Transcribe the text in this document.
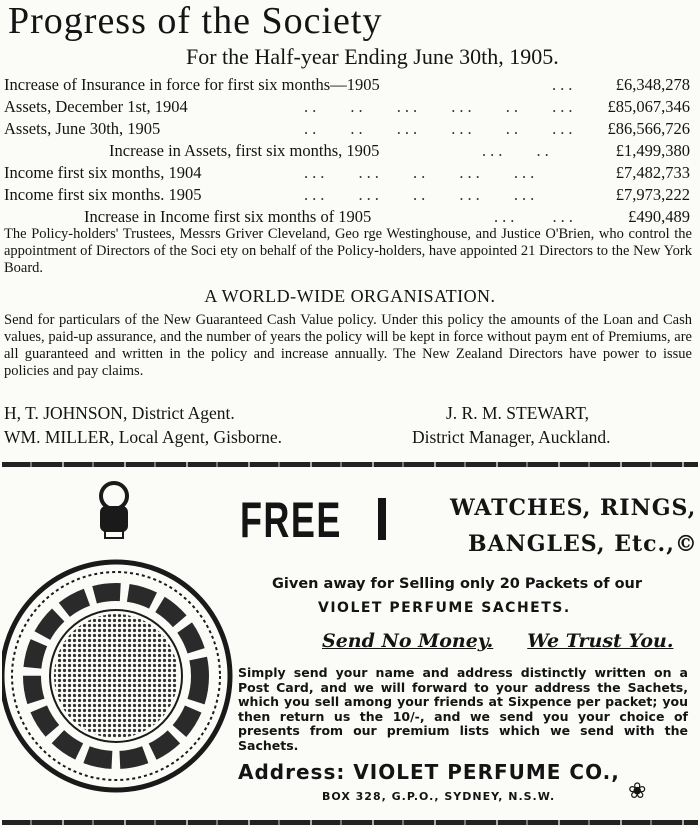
Progress of the Society
For the Half-year Ending June 30th, 1905.
Increase of Insurance in force for first six months—1905	...	£6,348,278
Assets, December 1st, 1904	.. .. ... ... .. ...	£85,067,346
Assets, June 30th, 1905	.. .. ... ... .. ...	£86,566,726
Increase in Assets, first six months, 1905	... ..	£1,499,380
Income first six months, 1904	... ... .. ... ...	£7,482,733
Income first six months. 1905	... ... .. ... ...	£7,973,222
Increase in Income first six months of 1905	... ...	£490,489
The Policy-holders' Trustees, Messrs Griver Cleveland, Geo rge Westinghouse, and Justice O'Brien, who control the appointment of Directors of the Soci ety on behalf of the Policy-holders, have appointed 21 Directors to the New York Board.
A WORLD-WIDE ORGANISATION.
Send for particulars of the New Guaranteed Cash Value policy. Under this policy the amounts of the Loan and Cash values, paid-up assurance, and the number of years the policy will be kept in force without paym ent of Premiums, are all guaranteed and written in the policy and increase annually. The New Zealand Directors have power to issue policies and pay claims.
H, T. JOHNSON, District Agent.
WM. MILLER, Local Agent, Gisborne.
J. R. M. STEWART,
District Manager, Auckland.
FREE	WATCHES, RINGS,
BANGLES, Etc.,©
Given away for Selling only 20 Packets of our
VIOLET PERFUME SACHETS.
Send No Money. We Trust You.
Simply send your name and address distinctly written on a Post Card, and we will forward to your address the Sachets, which you sell among your friends at Sixpence per packet; you then return us the 10/-, and we send you your choice of presents from our premium lists which we send with the Sachets.
Address: VIOLET PERFUME CO.,
BOX 328, G.P.O., SYDNEY, N.S.W.	❀
